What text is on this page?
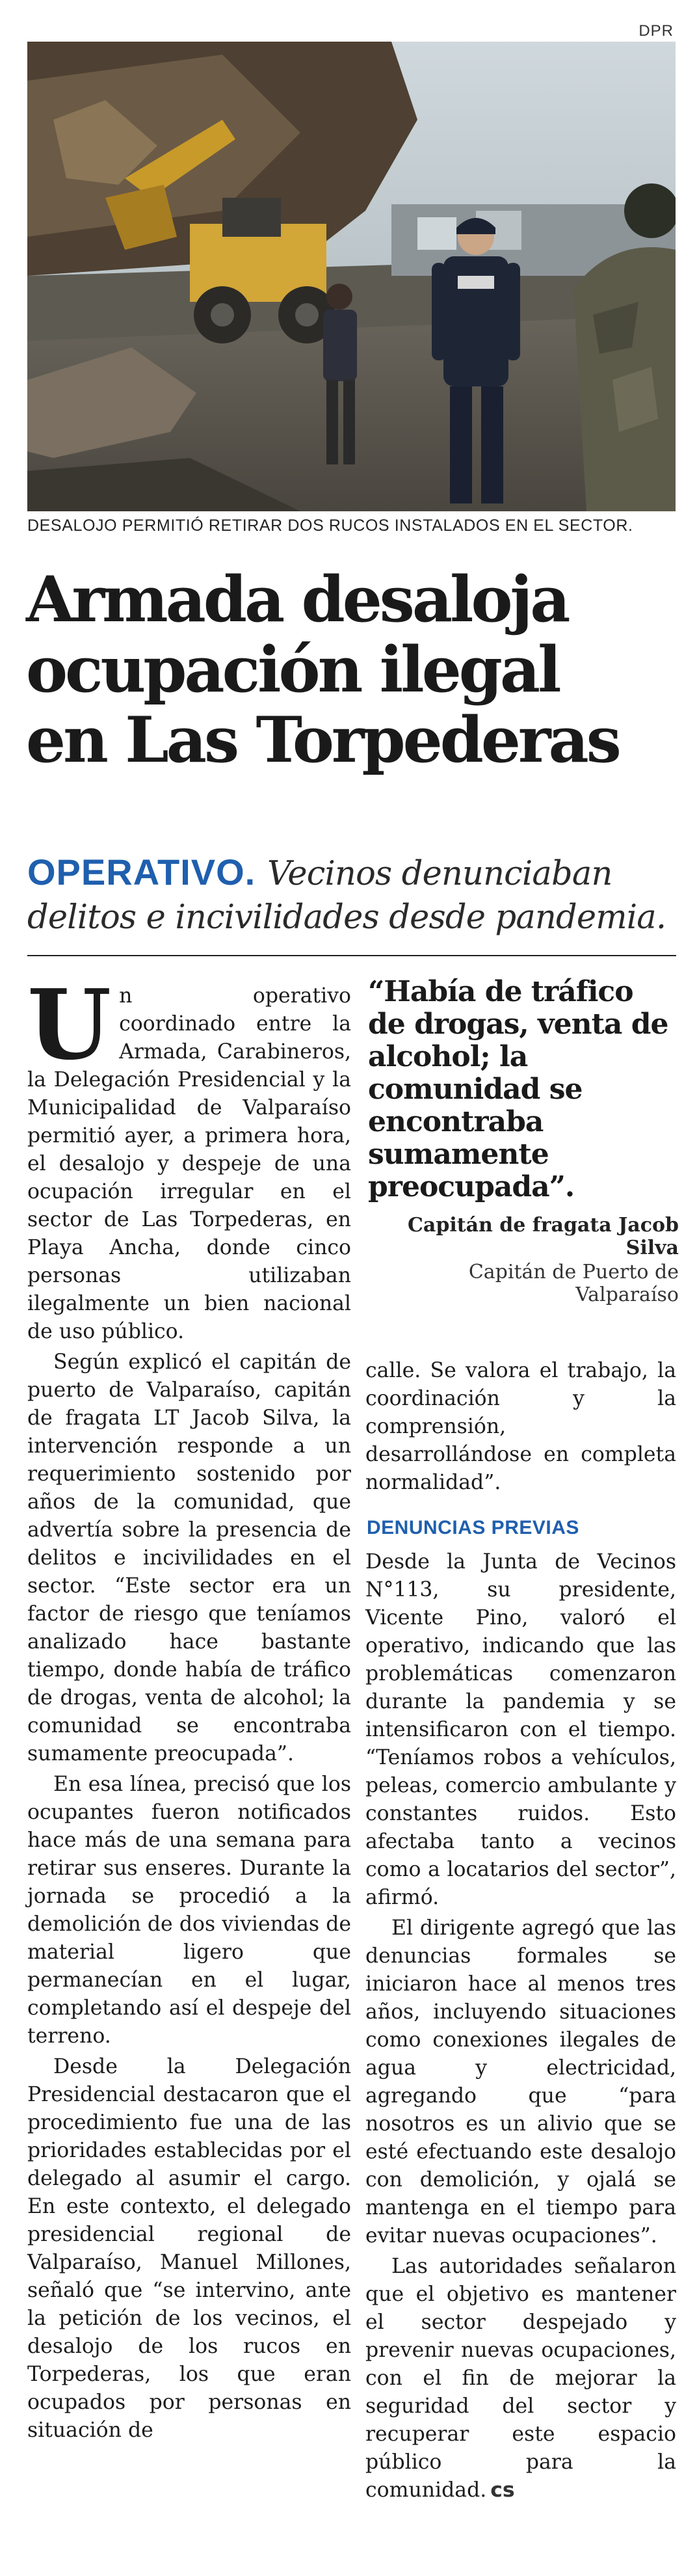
DPR
DESALOJO PERMITIÓ RETIRAR DOS RUCOS INSTALADOS EN EL SECTOR.
Armada desaloja
ocupación ilegal
en Las Torpederas
OPERATIVO. Vecinos denunciaban delitos e incivilidades desde pandemia.

Un operativo coordinado entre la Armada, Carabineros, la Delegación Presidencial y la Municipalidad de Valparaíso permitió ayer, a primera hora, el desalojo y despeje de una ocupación irregular en el sector de Las Torpederas, en Playa Ancha, donde cinco personas utilizaban ilegalmente un bien nacional de uso público.

Según explicó el capitán de puerto de Valparaíso, capitán de fragata LT Jacob Silva, la intervención responde a un requerimiento sostenido por años de la comunidad, que advertía sobre la presencia de delitos e incivilidades en el sector. “Este sector era un factor de riesgo que teníamos analizado hace bastante tiempo, donde había de tráfico de drogas, venta de alcohol; la comunidad se encontraba sumamente preocupada”.

En esa línea, precisó que los ocupantes fueron notificados hace más de una semana para retirar sus enseres. Durante la jornada se procedió a la demolición de dos viviendas de material ligero que permanecían en el lugar, completando así el despeje del terreno.

Desde la Delegación Presidencial destacaron que el procedimiento fue una de las prioridades establecidas por el delegado al asumir el cargo. En este contexto, el delegado presidencial regional de Valparaíso, Manuel Millones, señaló que “se intervino, ante la petición de los vecinos, el desalojo de los rucos en Torpederas, los que eran ocupados por personas en situación de

“Había de tráfico de drogas, venta de alcohol; la comunidad se encontraba sumamente preocupada”.
Capitán de fragata Jacob Silva
Capitán de Puerto de Valparaíso

calle. Se valora el trabajo, la coordinación y la comprensión, desarrollándose en completa normalidad”.

DENUNCIAS PREVIAS

Desde la Junta de Vecinos N°113, su presidente, Vicente Pino, valoró el operativo, indicando que las problemáticas comenzaron durante la pandemia y se intensificaron con el tiempo. “Teníamos robos a vehículos, peleas, comercio ambulante y constantes ruidos. Esto afectaba tanto a vecinos como a locatarios del sector”, afirmó.

El dirigente agregó que las denuncias formales se iniciaron hace al menos tres años, incluyendo situaciones como conexiones ilegales de agua y electricidad, agregando que “para nosotros es un alivio que se esté efectuando este desalojo con demolición, y ojalá se mantenga en el tiempo para evitar nuevas ocupaciones”.

Las autoridades señalaron que el objetivo es mantener el sector despejado y prevenir nuevas ocupaciones, con el fin de mejorar la seguridad del sector y recuperar este espacio público para la comunidad. cs
